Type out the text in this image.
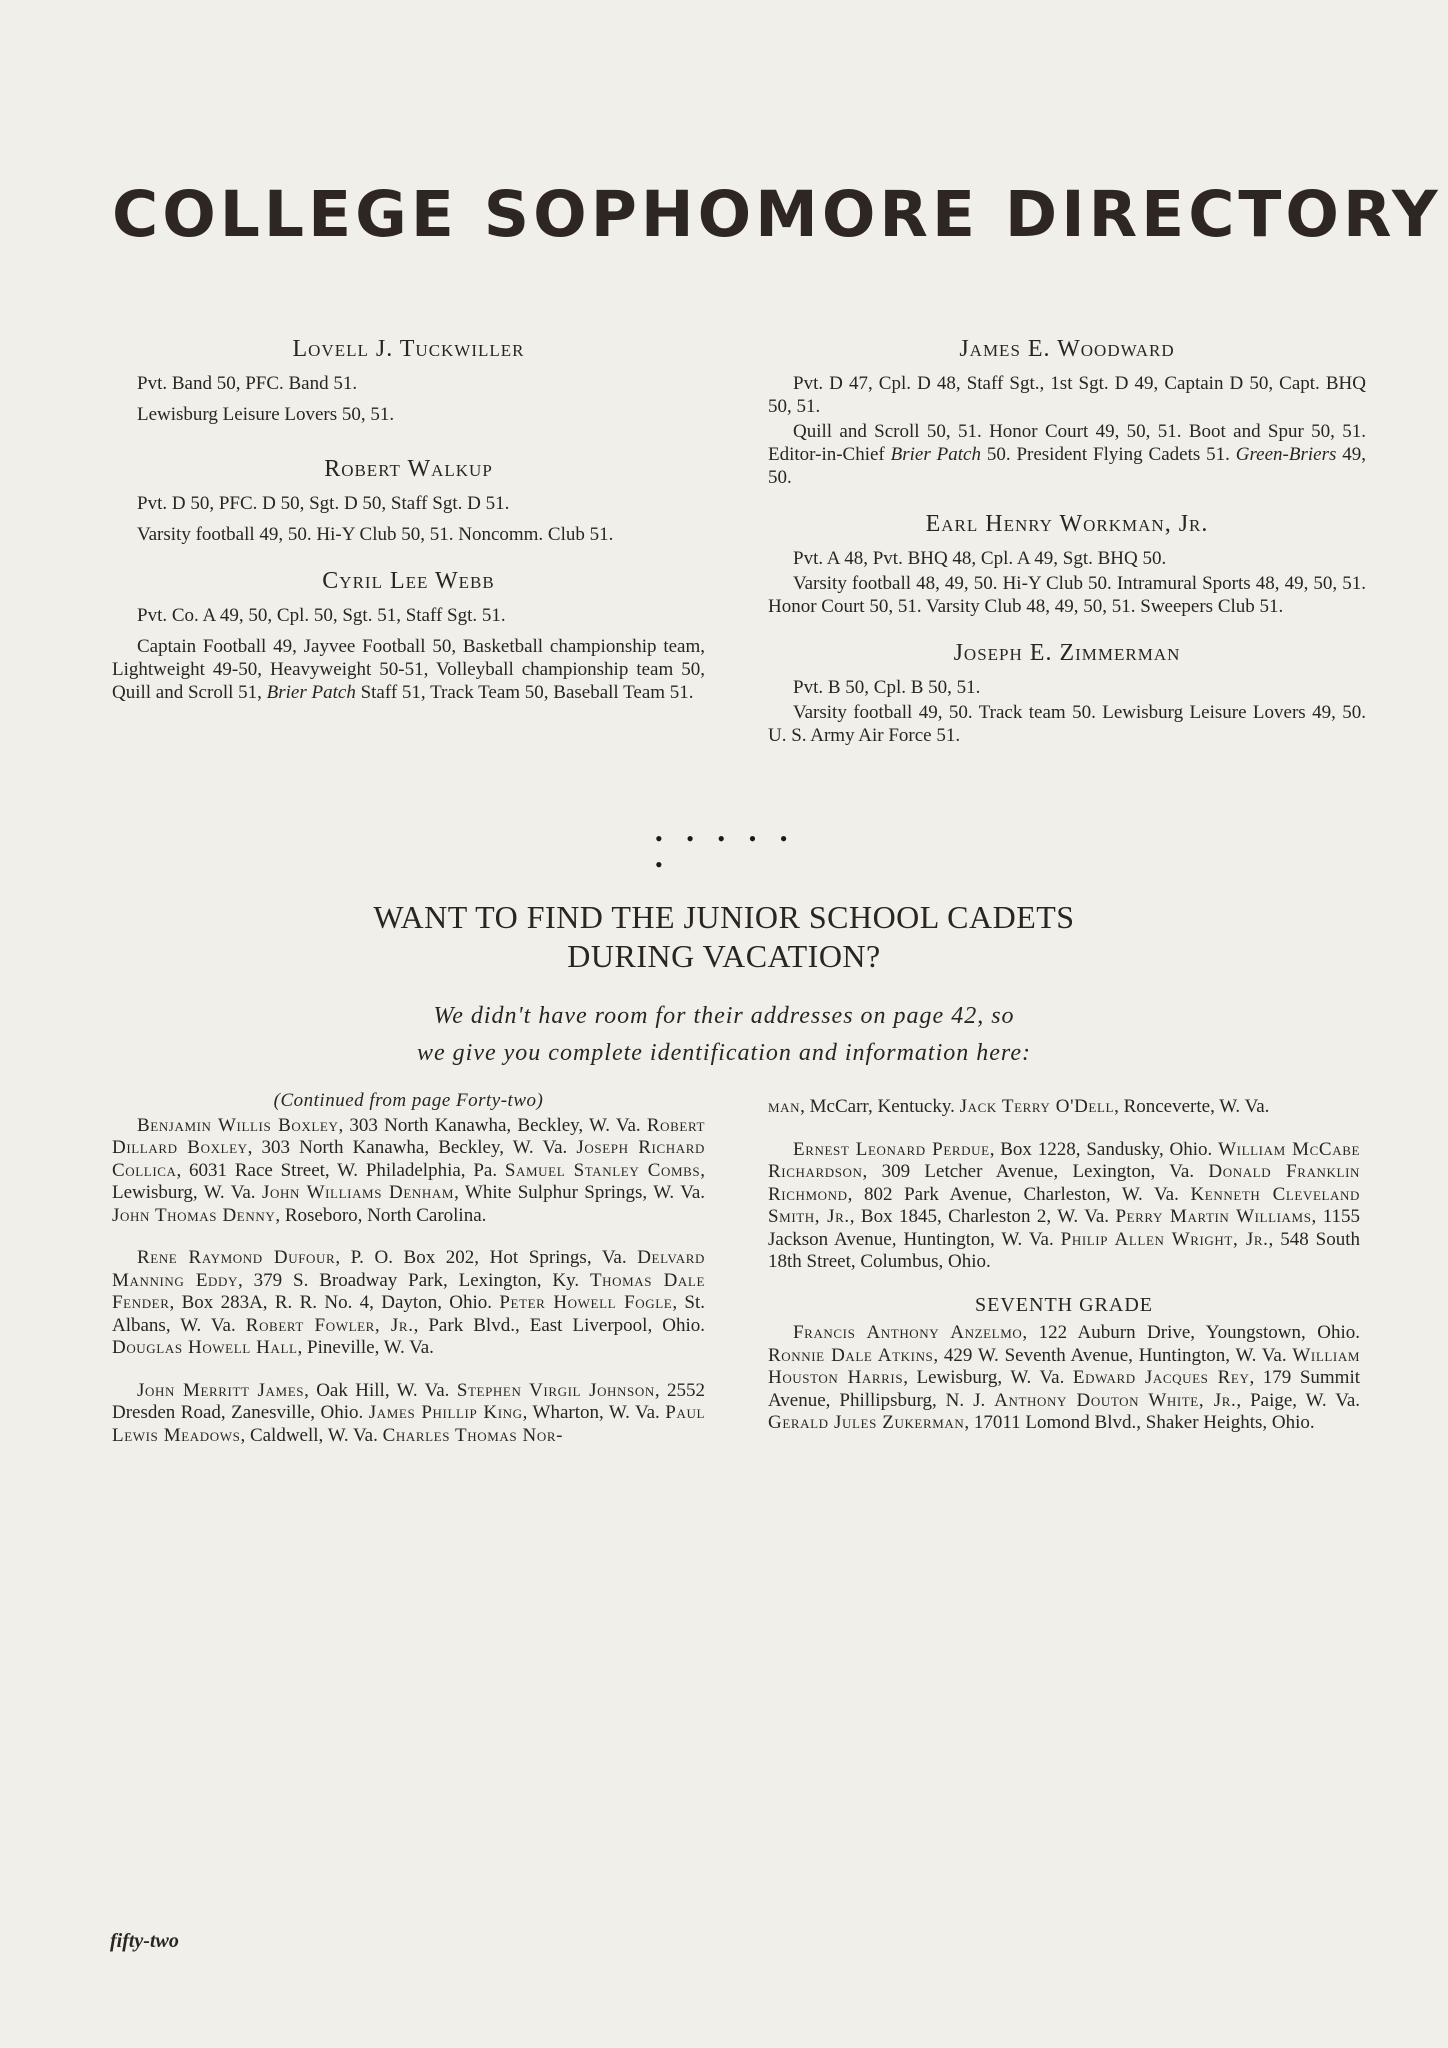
COLLEGE SOPHOMORE DIRECTORY
Lovell J. Tuckwiller

Pvt. Band 50, PFC. Band 51.

Lewisburg Leisure Lovers 50, 51.

Robert Walkup

Pvt. D 50, PFC. D 50, Sgt. D 50, Staff Sgt. D 51.

Varsity football 49, 50. Hi-Y Club 50, 51. Noncomm. Club 51.

Cyril Lee Webb

Pvt. Co. A 49, 50, Cpl. 50, Sgt. 51, Staff Sgt. 51.

Captain Football 49, Jayvee Football 50, Basketball championship team, Lightweight 49-50, Heavyweight 50-51, Volleyball championship team 50, Quill and Scroll 51, Brier Patch Staff 51, Track Team 50, Baseball Team 51.

James E. Woodward

Pvt. D 47, Cpl. D 48, Staff Sgt., 1st Sgt. D 49, Captain D 50, Capt. BHQ 50, 51.

Quill and Scroll 50, 51. Honor Court 49, 50, 51. Boot and Spur 50, 51. Editor-in-Chief Brier Patch 50. President Flying Cadets 51. Green-Briers 49, 50.

Earl Henry Workman, Jr.

Pvt. A 48, Pvt. BHQ 48, Cpl. A 49, Sgt. BHQ 50.

Varsity football 48, 49, 50. Hi-Y Club 50. Intramural Sports 48, 49, 50, 51. Honor Court 50, 51. Varsity Club 48, 49, 50, 51. Sweepers Club 51.

Joseph E. Zimmerman

Pvt. B 50, Cpl. B 50, 51.

Varsity football 49, 50. Track team 50. Lewisburg Leisure Lovers 49, 50. U. S. Army Air Force 51.

• • • • • •
WANT TO FIND THE JUNIOR SCHOOL CADETS
DURING VACATION?
We didn't have room for their addresses on page 42, so
we give you complete identification and information here:
(Continued from page Forty-two)

Benjamin Willis Boxley, 303 North Kanawha, Beckley, W. Va. Robert Dillard Boxley, 303 North Kanawha, Beckley, W. Va. Joseph Richard Collica, 6031 Race Street, W. Philadelphia, Pa. Samuel Stanley Combs, Lewisburg, W. Va. John Williams Denham, White Sulphur Springs, W. Va. John Thomas Denny, Roseboro, North Carolina.

Rene Raymond Dufour, P. O. Box 202, Hot Springs, Va. Delvard Manning Eddy, 379 S. Broadway Park, Lexington, Ky. Thomas Dale Fender, Box 283A, R. R. No. 4, Dayton, Ohio. Peter Howell Fogle, St. Albans, W. Va. Robert Fowler, Jr., Park Blvd., East Liverpool, Ohio. Douglas Howell Hall, Pineville, W. Va.

John Merritt James, Oak Hill, W. Va. Stephen Virgil Johnson, 2552 Dresden Road, Zanesville, Ohio. James Phillip King, Wharton, W. Va. Paul Lewis Meadows, Caldwell, W. Va. Charles Thomas Nor-

man, McCarr, Kentucky. Jack Terry O'Dell, Ronceverte, W. Va.

Ernest Leonard Perdue, Box 1228, Sandusky, Ohio. William McCabe Richardson, 309 Letcher Avenue, Lexington, Va. Donald Franklin Richmond, 802 Park Avenue, Charleston, W. Va. Kenneth Cleveland Smith, Jr., Box 1845, Charleston 2, W. Va. Perry Martin Williams, 1155 Jackson Avenue, Huntington, W. Va. Philip Allen Wright, Jr., 548 South 18th Street, Columbus, Ohio.

SEVENTH GRADE

Francis Anthony Anzelmo, 122 Auburn Drive, Youngstown, Ohio. Ronnie Dale Atkins, 429 W. Seventh Avenue, Huntington, W. Va. William Houston Harris, Lewisburg, W. Va. Edward Jacques Rey, 179 Summit Avenue, Phillipsburg, N. J. Anthony Douton White, Jr., Paige, W. Va. Gerald Jules Zukerman, 17011 Lomond Blvd., Shaker Heights, Ohio.

fifty-two
